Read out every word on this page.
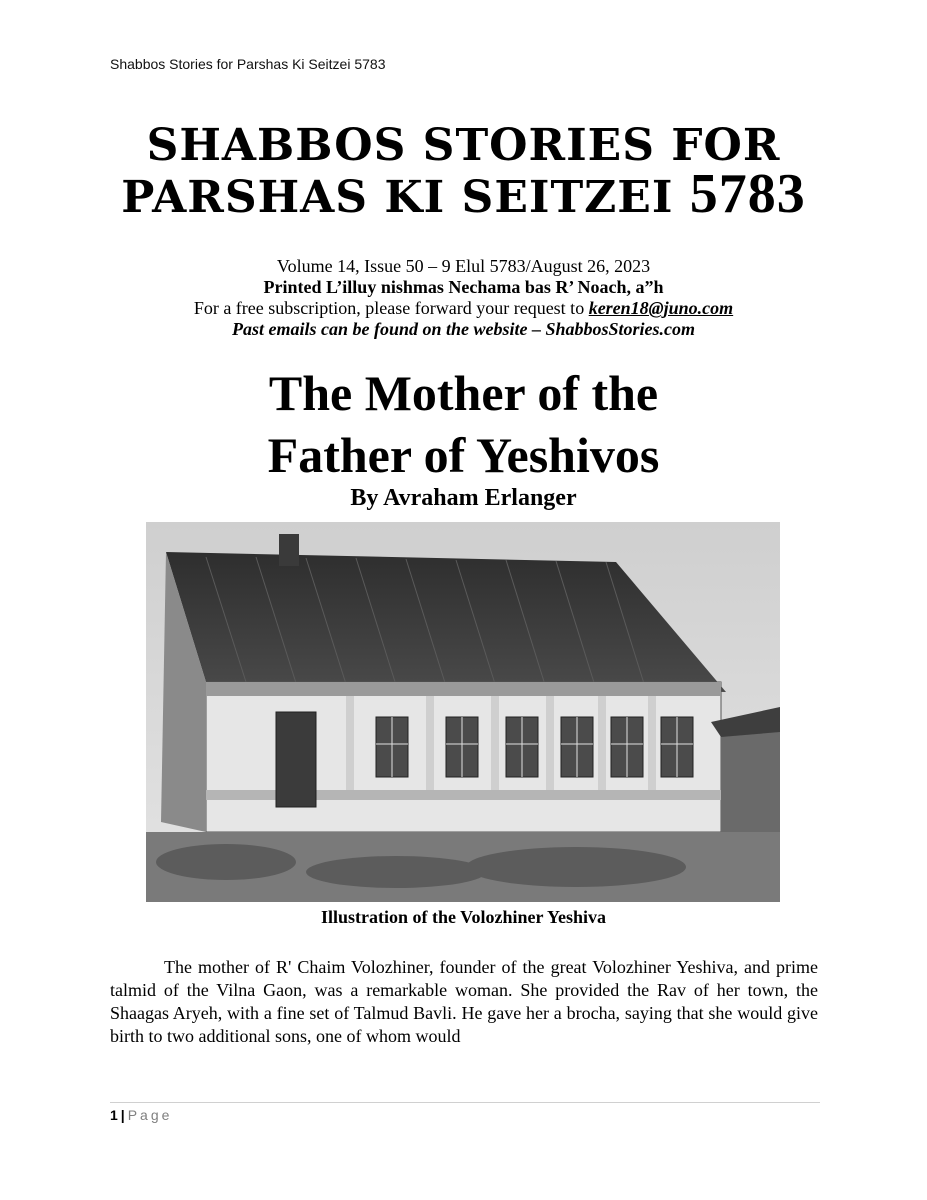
Shabbos Stories for Parshas Ki Seitzei 5783
SHABBOS STORIES FOR
PARSHAS KI SEITZEI 5783
Volume 14, Issue 50 – 9 Elul 5783/August 26, 2023
Printed L’illuy nishmas Nechama bas R’ Noach, a”h
For a free subscription, please forward your request to keren18@juno.com
Past emails can be found on the website – ShabbosStories.com
The Mother of the
Father of Yeshivos
By Avraham Erlanger
Illustration of the Volozhiner Yeshiva
The mother of R' Chaim Volozhiner, founder of the great Volozhiner Yeshiva, and prime talmid of the Vilna Gaon, was a remarkable woman. She provided the Rav of her town, the Shaagas Aryeh, with a fine set of Talmud Bavli. He gave her a brocha, saying that she would give birth to two additional sons, one of whom would
1 | Page
